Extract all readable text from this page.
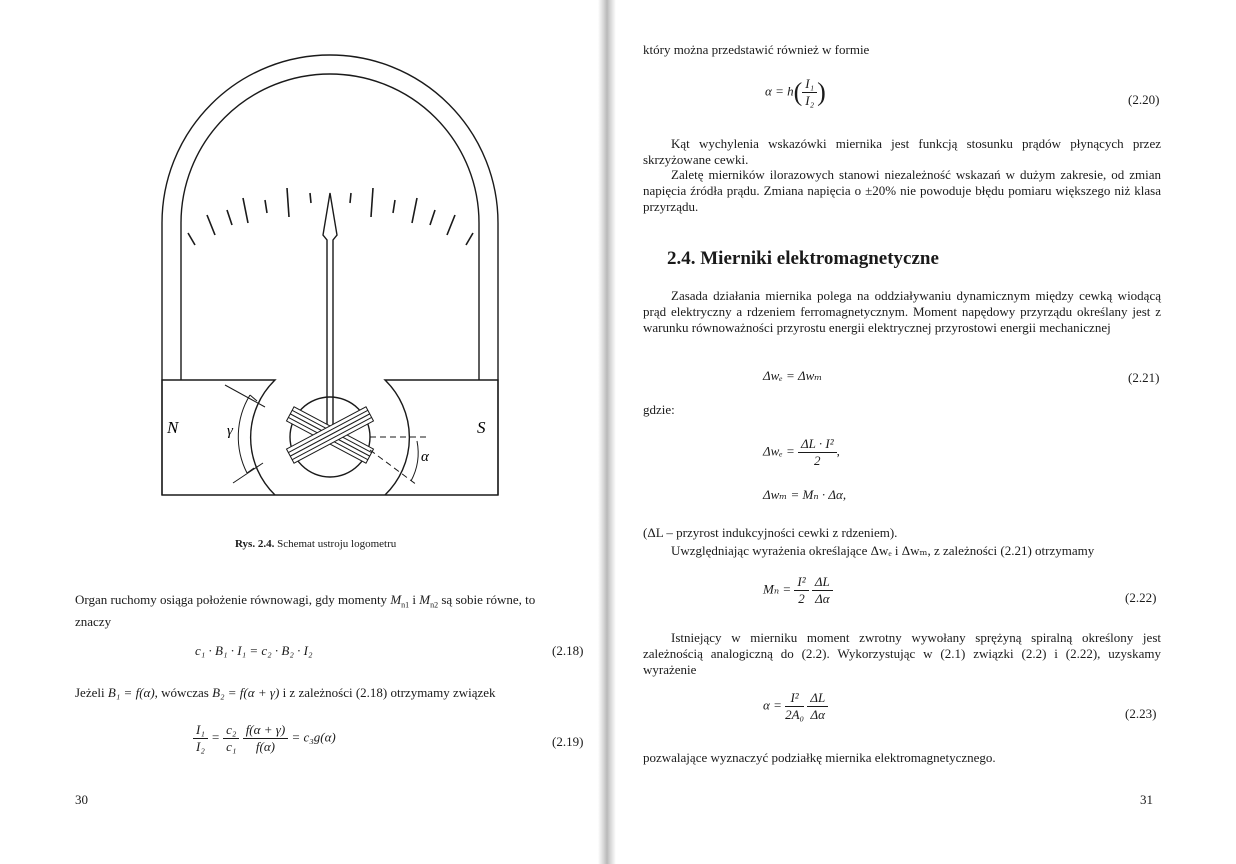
N	S
γ
α
Rys. 2.4. Schemat ustroju logometru
Organ ruchomy osiąga położenie równowagi, gdy momenty $M_{n1}$ i $M_{n2}$ są sobie równe, to
znaczy
c₁ · B₁ · I₁ = c₂ · B₂ · I₂	(2.18)
Jeżeli B₁ = f(α), wówczas B₂ = f(α + γ) i z zależności (2.18) otrzymamy związek
$\frac{\text{I₁}}{\text{I₂}} = \frac{\text{c₂}}{\text{c₁}}$
$\frac{f(\alpha + \gamma)}{f(\alpha)} = c_3g(\alpha)$	(2.19)
30
który można przedstawić również w formie
$\alpha = h( \frac{\text{I₁}}{\text{I₂}}$ )	(2.20)
Kąt wychylenia wskazówki miernika jest funkcją stosunku prądów płynących przez skrzyżowane cewki.
Zaletę mierników ilorazowych stanowi niezależność wskazań w dużym zakresie, od zmian napięcia źródła prądu. Zmiana napięcia o ±20% nie powoduje błędu pomiaru większego niż klasa przyrządu.
2.4. Mierniki elektromagnetyczne
Zasada działania miernika polega na oddziaływaniu dynamicznym między cewką wiodącą prąd elektryczny a rdzeniem ferromagnetycznym. Moment napędowy przyrządu określany jest z warunku równoważności przyrostu energii elektrycznej przyrostowi energii mechanicznej
Δwₑ = Δwₘ	(2.21)
gdzie:
$\Delta w_e = \frac{\text{ΔL · I²}}{2}$ ,
Δwₘ = Mₙ · Δα,
(ΔL – przyrost indukcyjności cewki z rdzeniem).
Uwzględniając wyrażenia określające Δwₑ i Δwₘ, z zależności (2.21) otrzymamy
$M_n = \frac{\text{I²}}{2}$
$\frac{\Delta L}{\Delta\alpha}$	(2.22)
Istniejący w mierniku moment zwrotny wywołany sprężyną spiralną określony jest zależnością analogiczną do (2.2). Wykorzystując w (2.1) związki (2.2) i (2.22), uzyskamy wyrażenie
$\alpha = \frac{\text{I²}}{\text{2A₀}}$
$\frac{\Delta L}{\Delta\alpha}$	(2.23)
pozwalające wyznaczyć podziałkę miernika elektromagnetycznego.
31
